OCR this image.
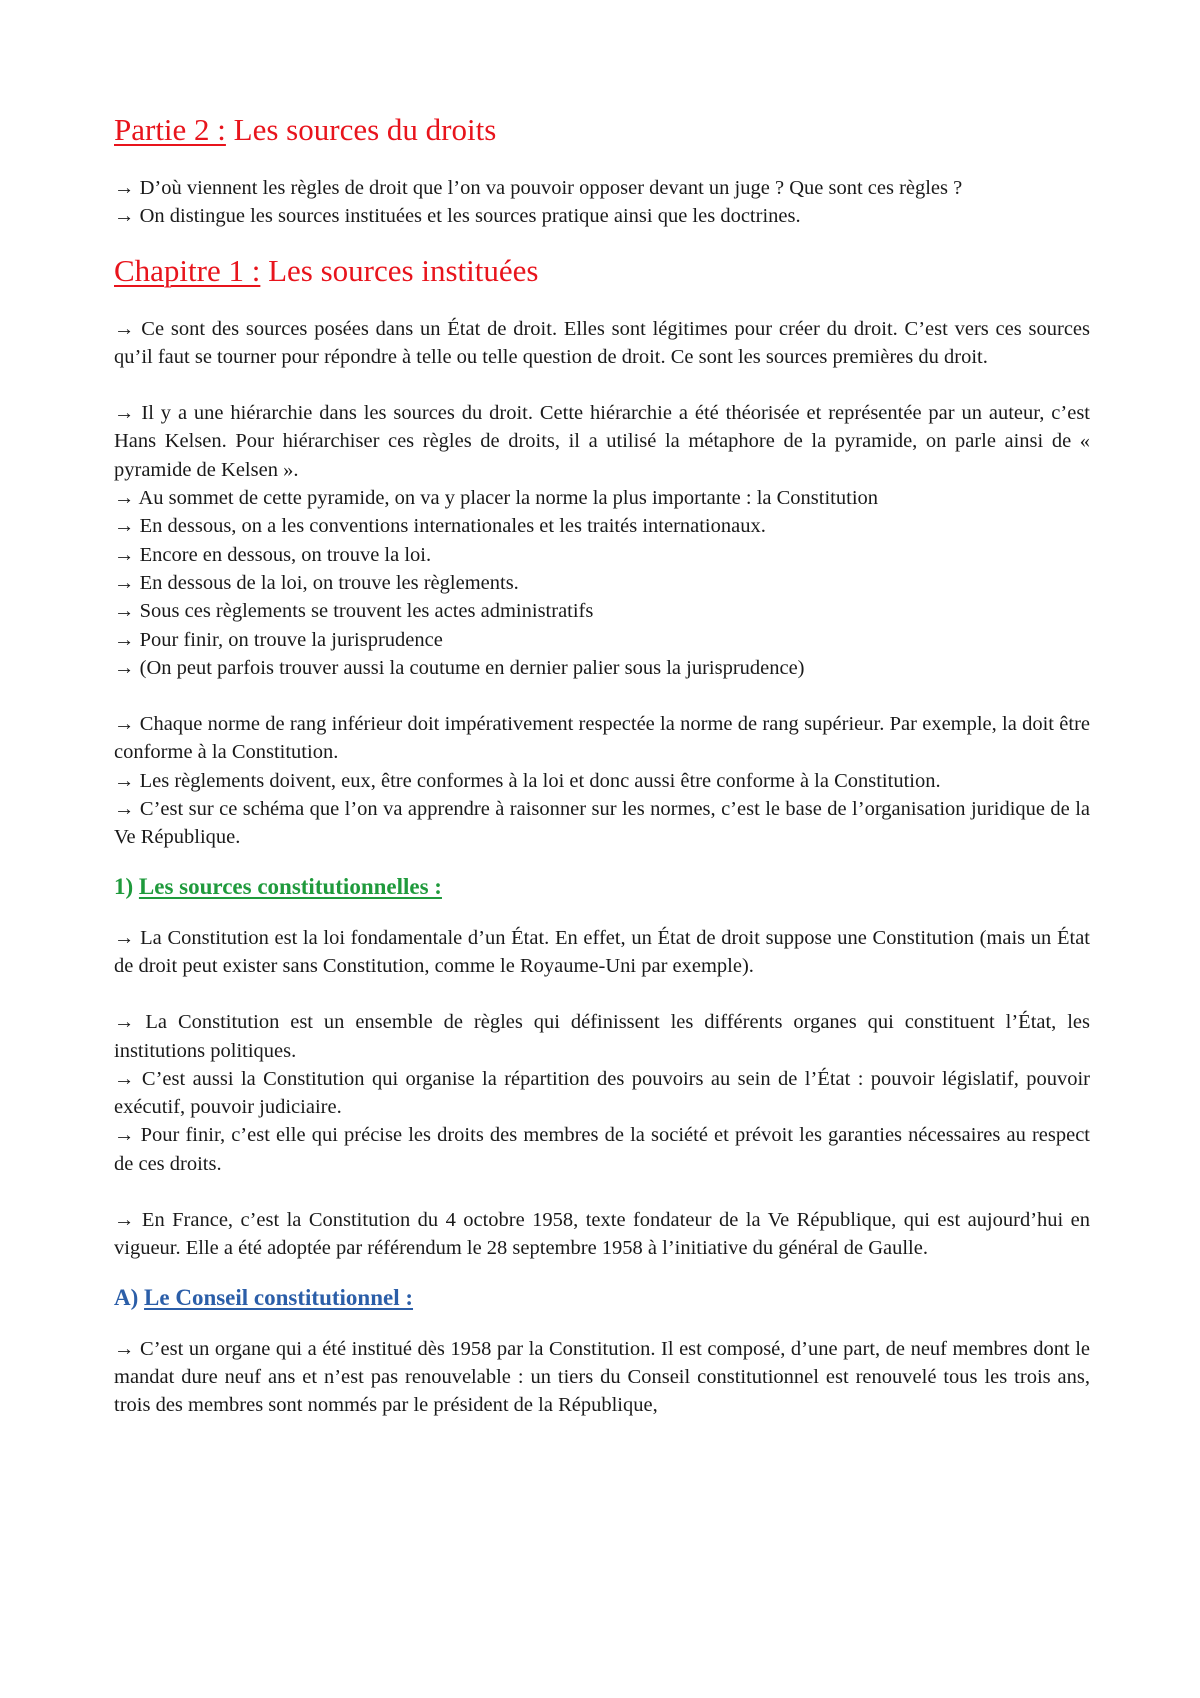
Partie 2 : Les sources du droits

→ D’où viennent les règles de droit que l’on va pouvoir opposer devant un juge ? Que sont ces règles ?

→ On distingue les sources instituées et les sources pratique ainsi que les doctrines.

Chapitre 1 : Les sources instituées

→ Ce sont des sources posées dans un État de droit. Elles sont légitimes pour créer du droit. C’est vers ces sources qu’il faut se tourner pour répondre à telle ou telle question de droit. Ce sont les sources premières du droit.

→ Il y a une hiérarchie dans les sources du droit. Cette hiérarchie a été théorisée et représentée par un auteur, c’est Hans Kelsen. Pour hiérarchiser ces règles de droits, il a utilisé la métaphore de la pyramide, on parle ainsi de « pyramide de Kelsen ».

→ Au sommet de cette pyramide, on va y placer la norme la plus importante : la Constitution

→ En dessous, on a les conventions internationales et les traités internationaux.

→ Encore en dessous, on trouve la loi.

→ En dessous de la loi, on trouve les règlements.

→ Sous ces règlements se trouvent les actes administratifs

→ Pour finir, on trouve la jurisprudence

→ (On peut parfois trouver aussi la coutume en dernier palier sous la jurisprudence)

→ Chaque norme de rang inférieur doit impérativement respectée la norme de rang supérieur. Par exemple, la doit être conforme à la Constitution.

→ Les règlements doivent, eux, être conformes à la loi et donc aussi être conforme à la Constitution.

→ C’est sur ce schéma que l’on va apprendre à raisonner sur les normes, c’est le base de l’organisation juridique de la Ve République.

1) Les sources constitutionnelles :

→ La Constitution est la loi fondamentale d’un État. En effet, un État de droit suppose une Constitution (mais un État de droit peut exister sans Constitution, comme le Royaume-Uni par exemple).

→ La Constitution est un ensemble de règles qui définissent les différents organes qui constituent l’État, les institutions politiques.

→ C’est aussi la Constitution qui organise la répartition des pouvoirs au sein de l’État : pouvoir législatif, pouvoir exécutif, pouvoir judiciaire.

→ Pour finir, c’est elle qui précise les droits des membres de la société et prévoit les garanties nécessaires au respect de ces droits.

→ En France, c’est la Constitution du 4 octobre 1958, texte fondateur de la Ve République, qui est aujourd’hui en vigueur. Elle a été adoptée par référendum le 28 septembre 1958 à l’initiative du général de Gaulle.

A) Le Conseil constitutionnel :

→ C’est un organe qui a été institué dès 1958 par la Constitution. Il est composé, d’une part, de neuf membres dont le mandat dure neuf ans et n’est pas renouvelable : un tiers du Conseil constitutionnel est renouvelé tous les trois ans, trois des membres sont nommés par le président de la République,
